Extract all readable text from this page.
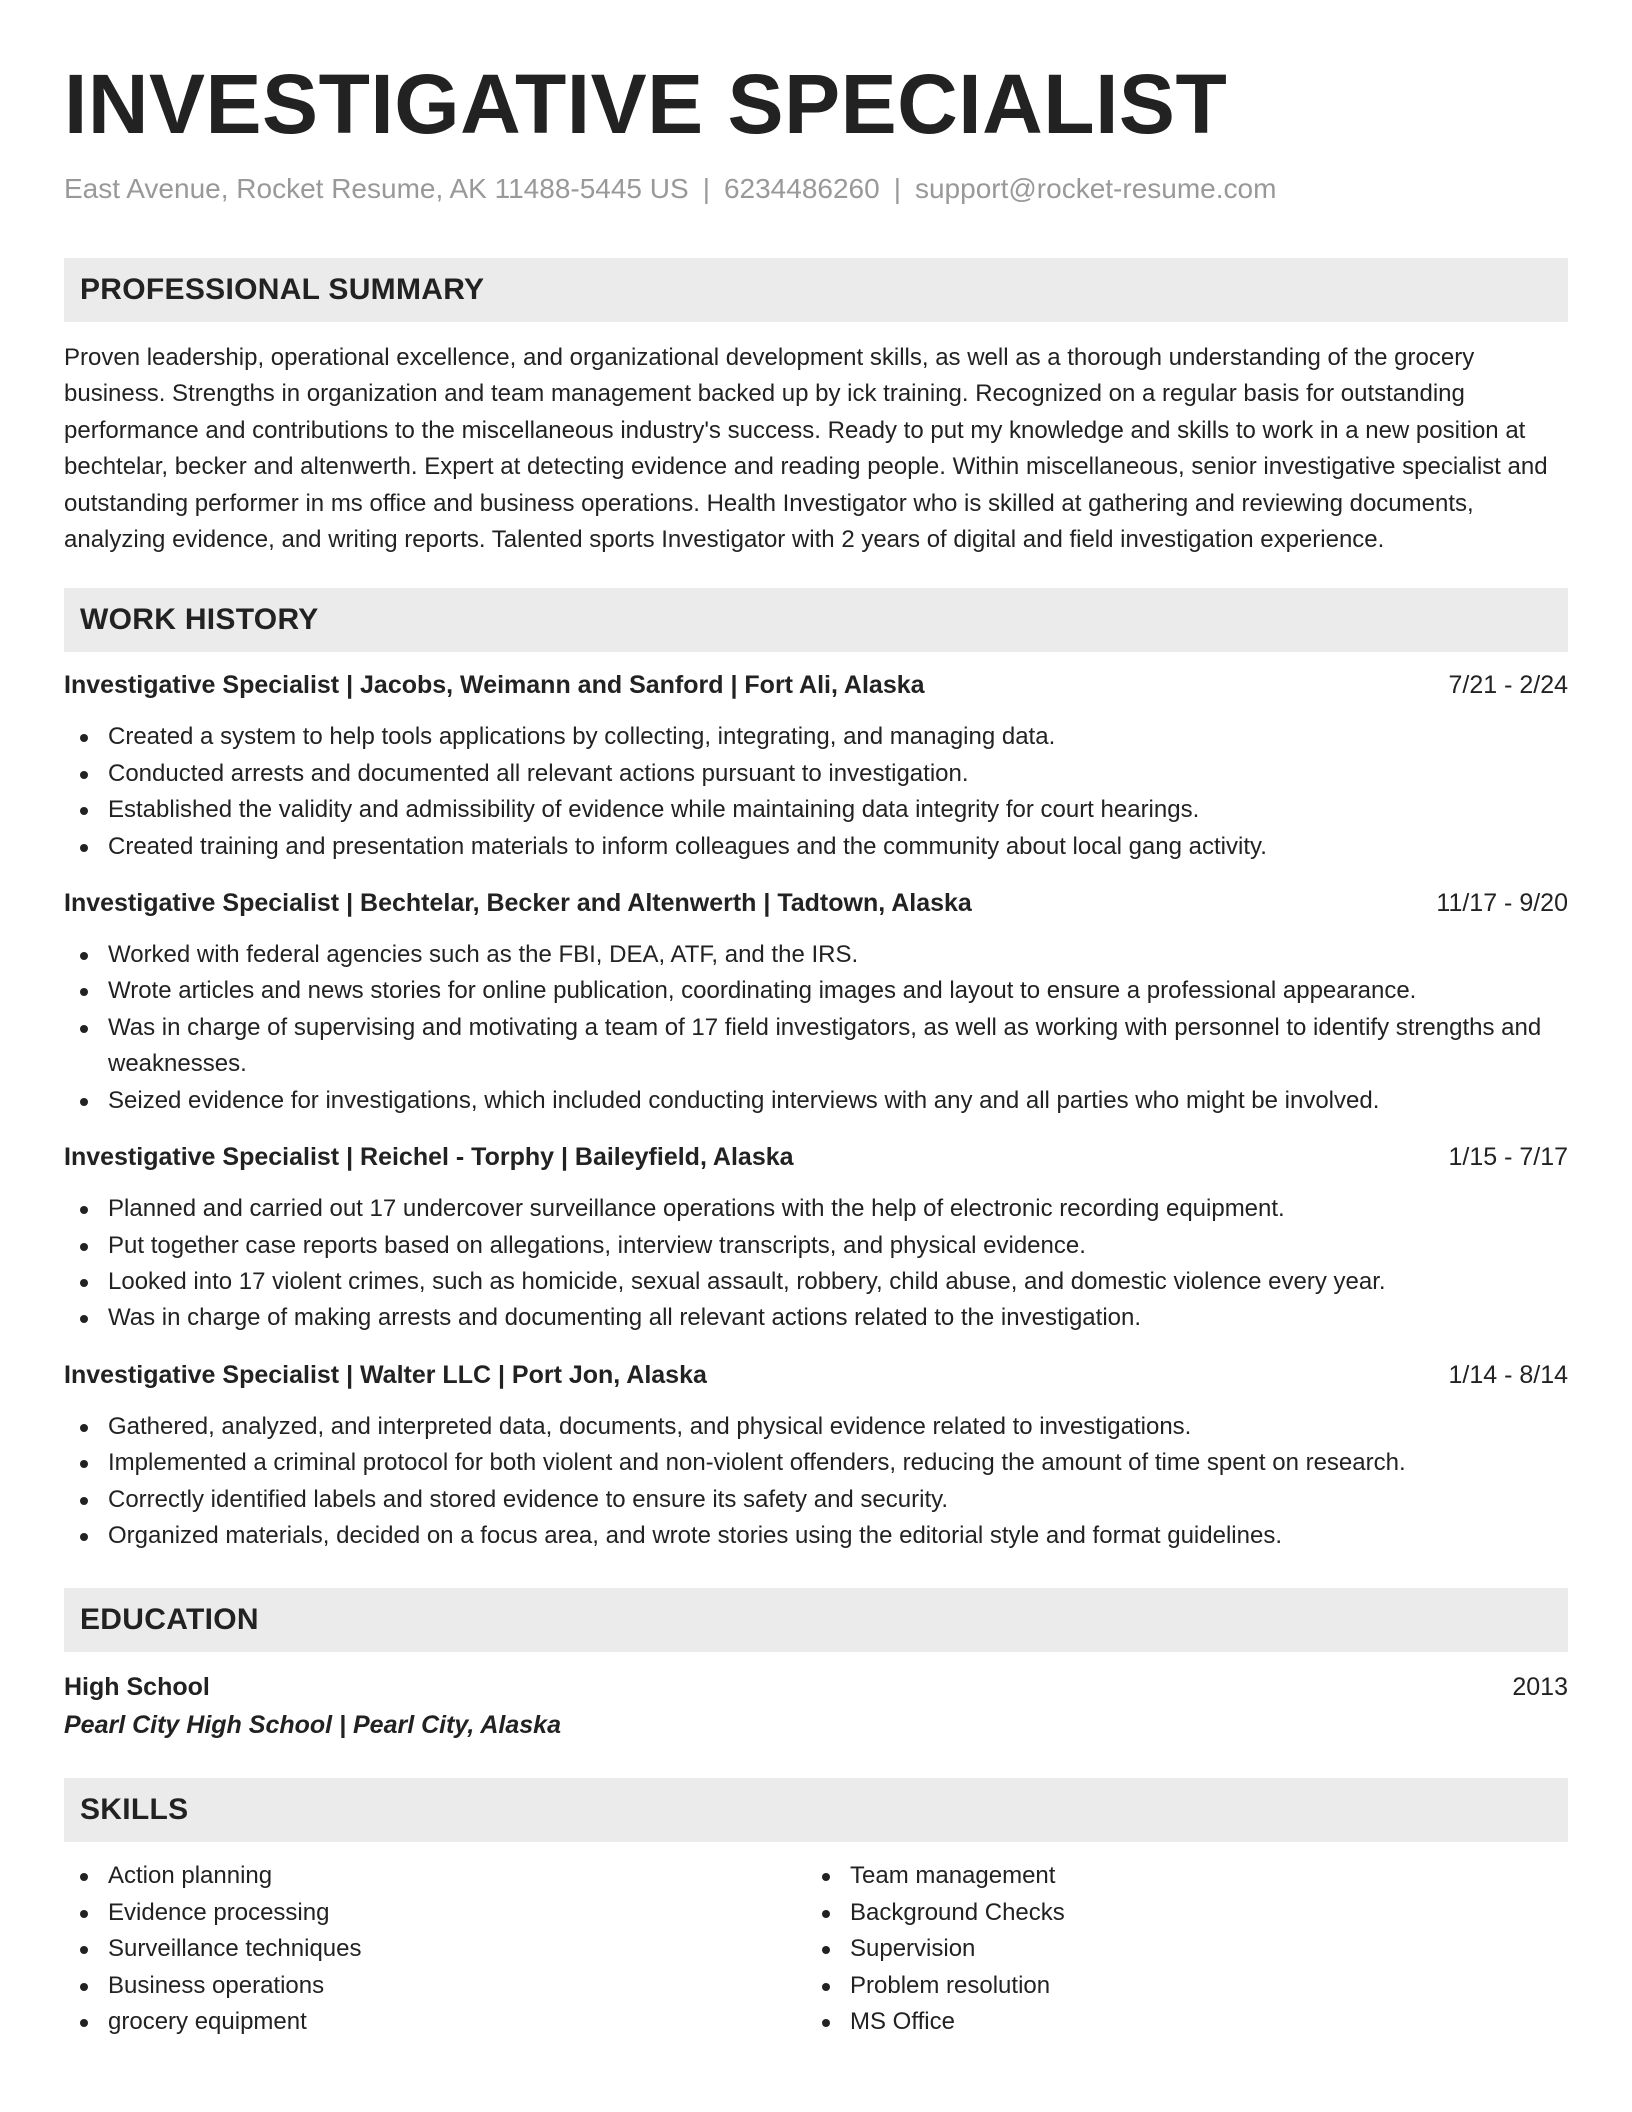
INVESTIGATIVE SPECIALIST
East Avenue, Rocket Resume, AK 11488-5445 US | 6234486260 | support@rocket-resume.com
PROFESSIONAL SUMMARY

Proven leadership, operational excellence, and organizational development skills, as well as a thorough understanding of the grocery business. Strengths in organization and team management backed up by ick training. Recognized on a regular basis for outstanding performance and contributions to the miscellaneous industry's success. Ready to put my knowledge and skills to work in a new position at bechtelar, becker and altenwerth. Expert at detecting evidence and reading people. Within miscellaneous, senior investigative specialist and outstanding performer in ms office and business operations. Health Investigator who is skilled at gathering and reviewing documents, analyzing evidence, and writing reports. Talented sports Investigator with 2 years of digital and field investigation experience.

WORK HISTORY
Investigative Specialist | Jacobs, Weimann and Sanford | Fort Ali, Alaska	7/21 - 2/24
Created a system to help tools applications by collecting, integrating, and managing data.
Conducted arrests and documented all relevant actions pursuant to investigation.
Established the validity and admissibility of evidence while maintaining data integrity for court hearings.
Created training and presentation materials to inform colleagues and the community about local gang activity.
Investigative Specialist | Bechtelar, Becker and Altenwerth | Tadtown, Alaska	11/17 - 9/20
Worked with federal agencies such as the FBI, DEA, ATF, and the IRS.
Wrote articles and news stories for online publication, coordinating images and layout to ensure a professional appearance.
Was in charge of supervising and motivating a team of 17 field investigators, as well as working with personnel to identify strengths and weaknesses.
Seized evidence for investigations, which included conducting interviews with any and all parties who might be involved.
Investigative Specialist | Reichel - Torphy | Baileyfield, Alaska	1/15 - 7/17
Planned and carried out 17 undercover surveillance operations with the help of electronic recording equipment.
Put together case reports based on allegations, interview transcripts, and physical evidence.
Looked into 17 violent crimes, such as homicide, sexual assault, robbery, child abuse, and domestic violence every year.
Was in charge of making arrests and documenting all relevant actions related to the investigation.
Investigative Specialist | Walter LLC | Port Jon, Alaska	1/14 - 8/14
Gathered, analyzed, and interpreted data, documents, and physical evidence related to investigations.
Implemented a criminal protocol for both violent and non-violent offenders, reducing the amount of time spent on research.
Correctly identified labels and stored evidence to ensure its safety and security.
Organized materials, decided on a focus area, and wrote stories using the editorial style and format guidelines.
EDUCATION
High School	2013
Pearl City High School | Pearl City, Alaska
SKILLS
Action planning
Evidence processing
Surveillance techniques
Business operations
grocery equipment
Team management
Background Checks
Supervision
Problem resolution
MS Office
